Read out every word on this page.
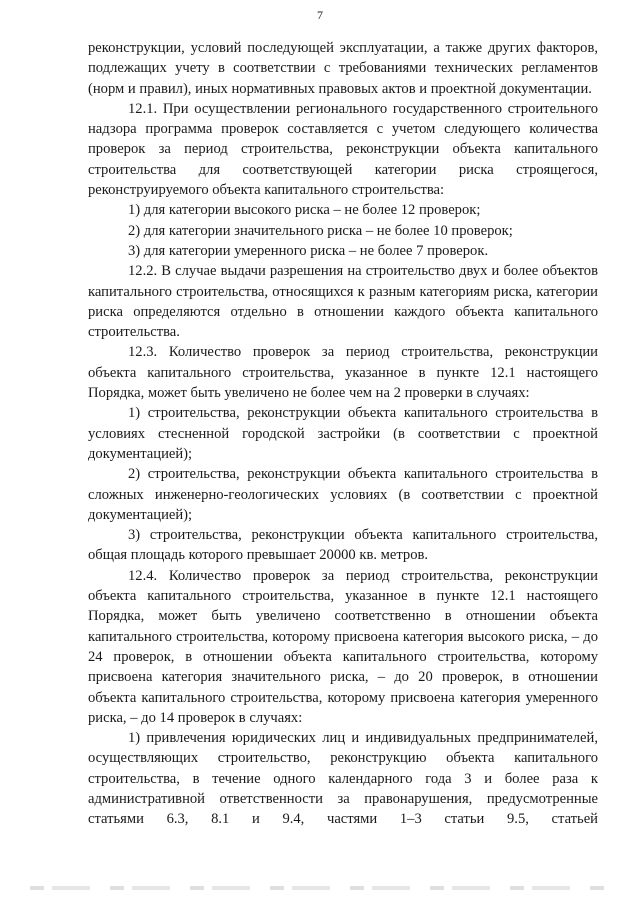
7

реконструкции, условий последующей эксплуатации, а также других факторов, подлежащих учету в соответствии с требованиями технических регламентов (норм и правил), иных нормативных правовых актов и проектной документации.

12.1. При осуществлении регионального государственного строительного надзора программа проверок составляется с учетом следующего количества проверок за период строительства, реконструкции объекта капитального строительства для соответствующей категории риска строящегося, реконструируемого объекта капитального строительства:

1) для категории высокого риска – не более 12 проверок;

2) для категории значительного риска – не более 10 проверок;

3) для категории умеренного риска – не более 7 проверок.

12.2. В случае выдачи разрешения на строительство двух и более объектов капитального строительства, относящихся к разным категориям риска, категории риска определяются отдельно в отношении каждого объекта капитального строительства.

12.3. Количество проверок за период строительства, реконструкции объекта капитального строительства, указанное в пункте 12.1 настоящего Порядка, может быть увеличено не более чем на 2 проверки в случаях:

1) строительства, реконструкции объекта капитального строительства в условиях стесненной городской застройки (в соответствии с проектной документацией);

2) строительства, реконструкции объекта капитального строительства в сложных инженерно-геологических условиях (в соответствии с проектной документацией);

3) строительства, реконструкции объекта капитального строительства, общая площадь которого превышает 20000 кв. метров.

12.4. Количество проверок за период строительства, реконструкции объекта капитального строительства, указанное в пункте 12.1 настоящего Порядка, может быть увеличено соответственно в отношении объекта капитального строительства, которому присвоена категория высокого риска, – до 24 проверок, в отношении объекта капитального строительства, которому присвоена категория значительного риска, – до 20 проверок, в отношении объекта капитального строительства, которому присвоена категория умеренного риска, – до 14 проверок в случаях:

1) привлечения юридических лиц и индивидуальных предпринимателей, осуществляющих строительство, реконструкцию объекта капитального строительства, в течение одного календарного года 3 и более раза к административной ответственности за правонарушения, предусмотренные статьями 6.3, 8.1 и 9.4, частями 1–3 статьи 9.5, статьей
